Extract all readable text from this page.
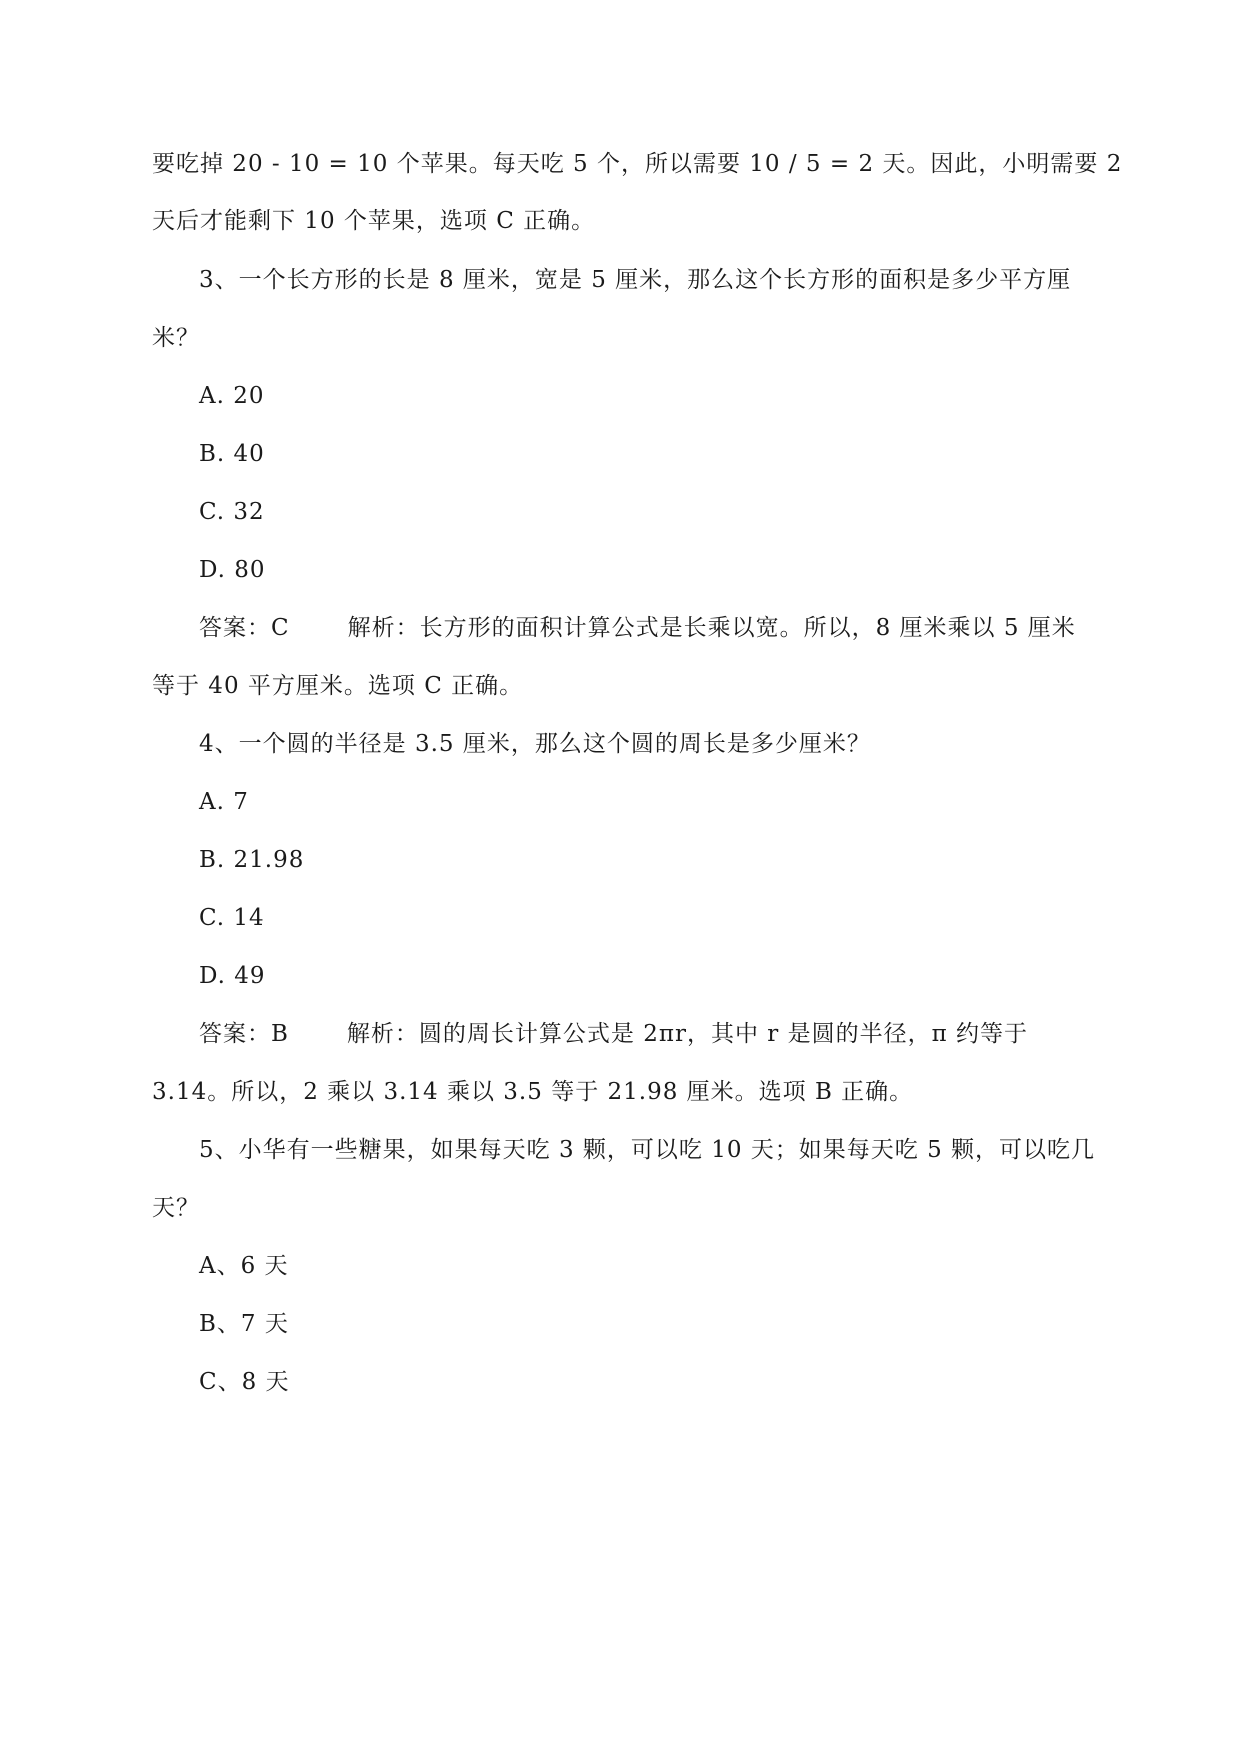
要吃掉 20 - 10 = 10 个苹果。每天吃 5 个，所以需要 10 / 5 = 2 天。因此，小明需要 2
天后才能剩下 10 个苹果，选项 C 正确。
3、一个长方形的长是 8 厘米，宽是 5 厘米，那么这个长方形的面积是多少平方厘
米？
A. 20
B. 40
C. 32
D. 80
答案：C	解析：长方形的面积计算公式是长乘以宽。所以，8 厘米乘以 5 厘米
等于 40 平方厘米。选项 C 正确。
4、一个圆的半径是 3.5 厘米，那么这个圆的周长是多少厘米？
A. 7
B. 21.98
C. 14
D. 49
答案：B	解析：圆的周长计算公式是 2πr，其中 r 是圆的半径，π 约等于
3.14。所以，2 乘以 3.14 乘以 3.5 等于 21.98 厘米。选项 B 正确。
5、小华有一些糖果，如果每天吃 3 颗，可以吃 10 天；如果每天吃 5 颗，可以吃几
天？
A、6 天
B、7 天
C、8 天
